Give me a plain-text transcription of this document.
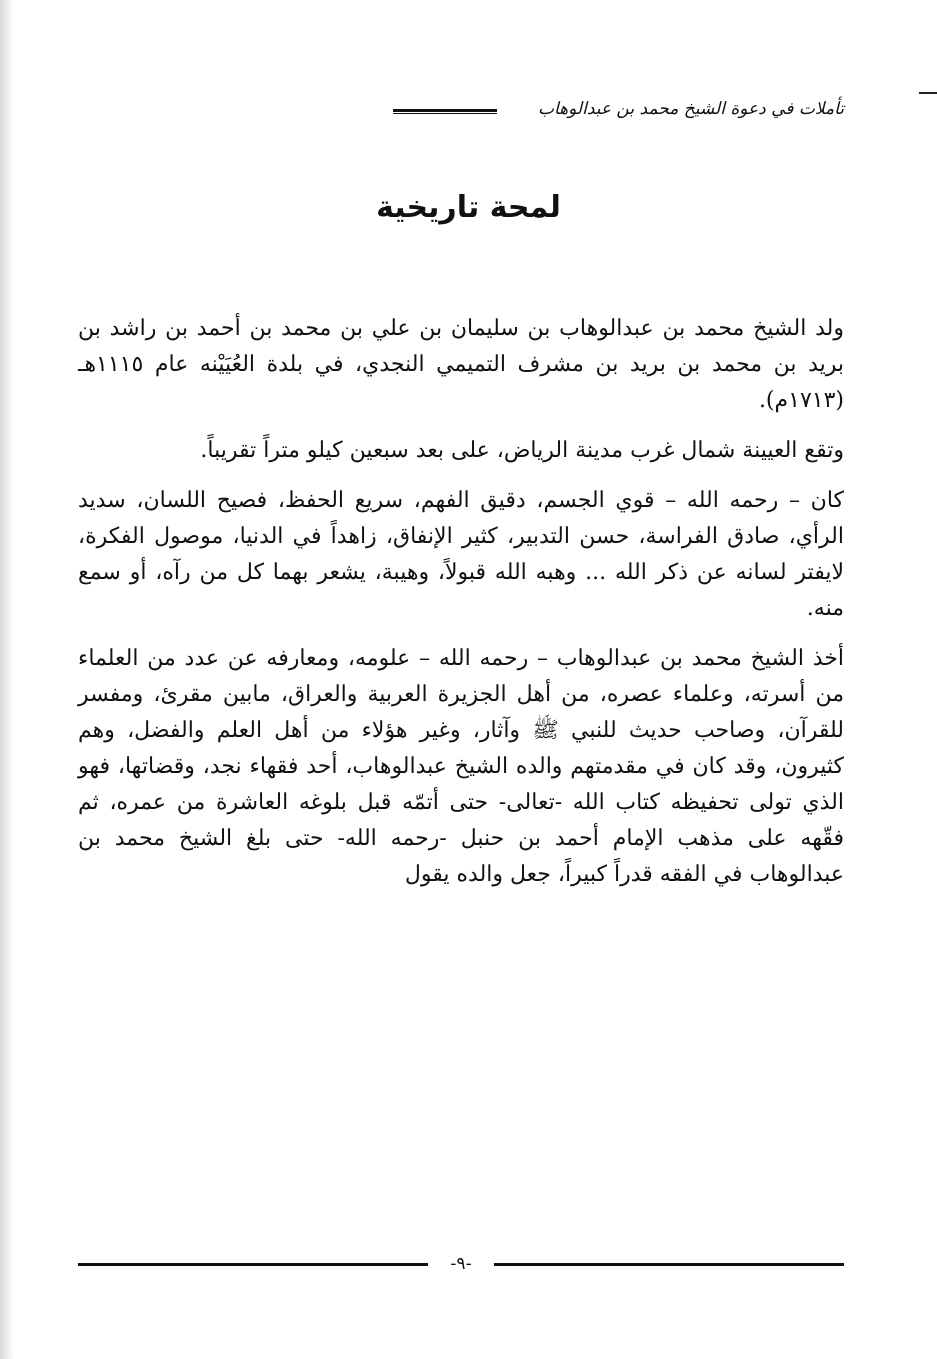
تأملات في دعوة الشيخ محمد بن عبدالوهاب
لمحة تاريخية

ولد الشيخ محمد بن عبدالوهاب بن سليمان بن علي بن محمد بن أحمد بن راشد بن بريد بن محمد بن بريد بن مشرف التميمي النجدي، في بلدة العُيَيْنه عام ١١١٥هـ (١٧١٣م).

وتقع العيينة شمال غرب مدينة الرياض، على بعد سبعين كيلو متراً تقريباً.

كان – رحمه الله – قوي الجسم، دقيق الفهم، سريع الحفظ، فصيح اللسان، سديد الرأي، صادق الفراسة، حسن التدبير، كثير الإنفاق، زاهداً في الدنيا، موصول الفكرة، لايفتر لسانه عن ذكر الله ... وهبه الله قبولاً، وهيبة، يشعر بهما كل من رآه، أو سمع منه.

أخذ الشيخ محمد بن عبدالوهاب – رحمه الله – علومه، ومعارفه عن عدد من العلماء من أسرته، وعلماء عصره، من أهل الجزيرة العربية والعراق، مابين مقرئ، ومفسر للقرآن، وصاحب حديث للنبي ﷺ وآثار، وغير هؤلاء من أهل العلم والفضل، وهم كثيرون، وقد كان في مقدمتهم والده الشيخ عبدالوهاب، أحد فقهاء نجد، وقضاتها، فهو الذي تولى تحفيظه كتاب الله -تعالى- حتى أتمّه قبل بلوغه العاشرة من عمره، ثم فقّهه على مذهب الإمام أحمد بن حنبل -رحمه الله- حتى بلغ الشيخ محمد بن عبدالوهاب في الفقه قدراً كبيراً، جعل والده يقول

-٩-
